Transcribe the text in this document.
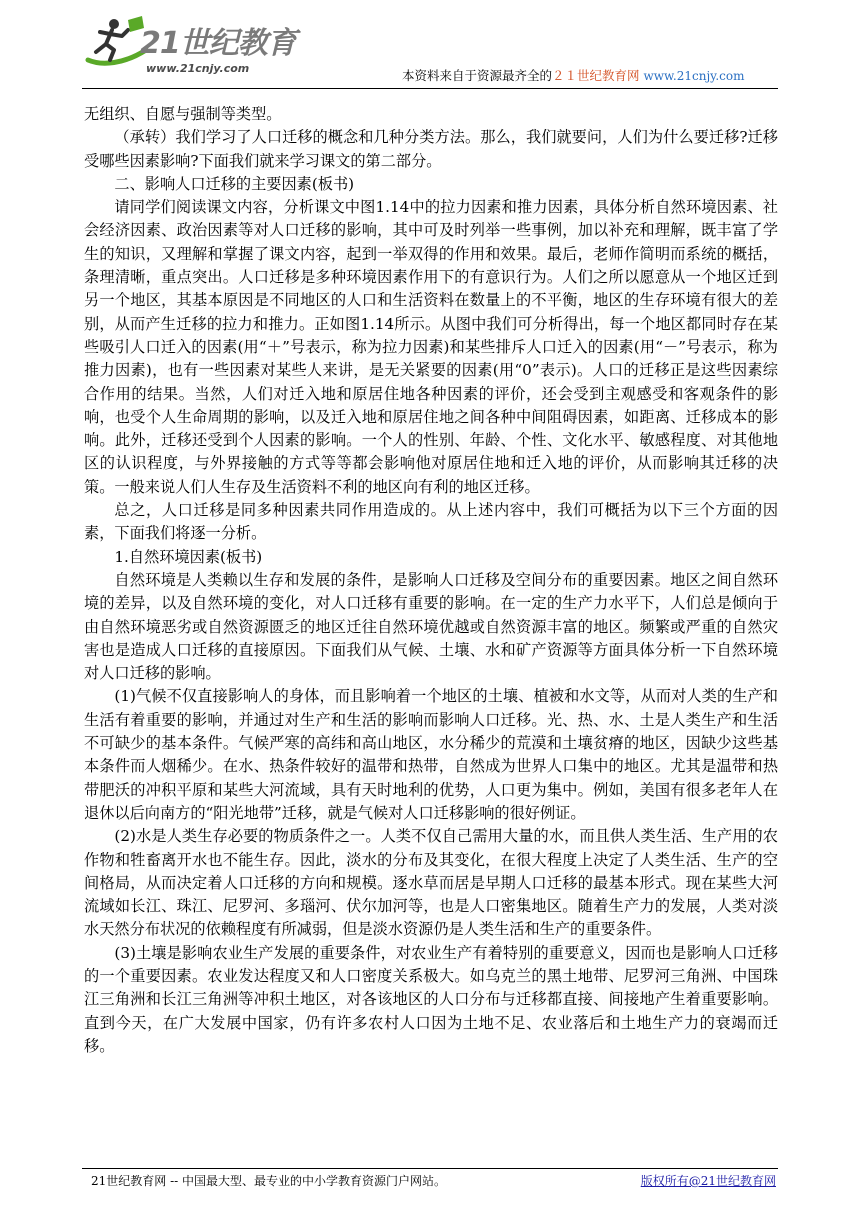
21世纪教育
www.21cnjy.com	本资料来自于资源最齐全的２１世纪教育网 www.21cnjy.com

无组织、自愿与强制等类型。

（承转）我们学习了人口迁移的概念和几种分类方法。那么，我们就要问，人们为什么要迁移?迁移受哪些因素影响?下面我们就来学习课文的第二部分。

二、影响人口迁移的主要因素(板书)

请同学们阅读课文内容，分析课文中图1.14中的拉力因素和推力因素，具体分析自然环境因素、社会经济因素、政治因素等对人口迁移的影响，其中可及时列举一些事例，加以补充和理解，既丰富了学生的知识，又理解和掌握了课文内容，起到一举双得的作用和效果。最后，老师作简明而系统的概括，条理清晰，重点突出。人口迁移是多种环境因素作用下的有意识行为。人们之所以愿意从一个地区迁到另一个地区，其基本原因是不同地区的人口和生活资料在数量上的不平衡，地区的生存环境有很大的差别，从而产生迁移的拉力和推力。正如图1.14所示。从图中我们可分析得出，每一个地区都同时存在某些吸引人口迁入的因素(用“＋”号表示，称为拉力因素)和某些排斥人口迁入的因素(用“－”号表示，称为推力因素)，也有一些因素对某些人来讲，是无关紧要的因素(用“0”表示)。人口的迁移正是这些因素综合作用的结果。当然，人们对迁入地和原居住地各种因素的评价，还会受到主观感受和客观条件的影响，也受个人生命周期的影响，以及迁入地和原居住地之间各种中间阻碍因素，如距离、迁移成本的影响。此外，迁移还受到个人因素的影响。一个人的性别、年龄、个性、文化水平、敏感程度、对其他地区的认识程度，与外界接触的方式等等都会影响他对原居住地和迁入地的评价，从而影响其迁移的决策。一般来说人们人生存及生活资料不利的地区向有利的地区迁移。

总之，人口迁移是同多种因素共同作用造成的。从上述内容中，我们可概括为以下三个方面的因素，下面我们将逐一分析。

1.自然环境因素(板书)

自然环境是人类赖以生存和发展的条件，是影响人口迁移及空间分布的重要因素。地区之间自然环境的差异，以及自然环境的变化，对人口迁移有重要的影响。在一定的生产力水平下，人们总是倾向于由自然环境恶劣或自然资源匮乏的地区迁往自然环境优越或自然资源丰富的地区。频繁或严重的自然灾害也是造成人口迁移的直接原因。下面我们从气候、土壤、水和矿产资源等方面具体分析一下自然环境对人口迁移的影响。

(1)气候不仅直接影响人的身体，而且影响着一个地区的土壤、植被和水文等，从而对人类的生产和生活有着重要的影响，并通过对生产和生活的影响而影响人口迁移。光、热、水、土是人类生产和生活不可缺少的基本条件。气候严寒的高纬和高山地区，水分稀少的荒漠和土壤贫瘠的地区，因缺少这些基本条件而人烟稀少。在水、热条件较好的温带和热带，自然成为世界人口集中的地区。尤其是温带和热带肥沃的冲积平原和某些大河流域，具有天时地利的优势，人口更为集中。例如，美国有很多老年人在退休以后向南方的“阳光地带”迁移，就是气候对人口迁移影响的很好例证。

(2)水是人类生存必要的物质条件之一。人类不仅自己需用大量的水，而且供人类生活、生产用的农作物和牲畜离开水也不能生存。因此，淡水的分布及其变化，在很大程度上决定了人类生活、生产的空间格局，从而决定着人口迁移的方向和规模。逐水草而居是早期人口迁移的最基本形式。现在某些大河流域如长江、珠江、尼罗河、多瑙河、伏尔加河等，也是人口密集地区。随着生产力的发展，人类对淡水天然分布状况的依赖程度有所减弱，但是淡水资源仍是人类生活和生产的重要条件。

(3)土壤是影响农业生产发展的重要条件，对农业生产有着特别的重要意义，因而也是影响人口迁移的一个重要因素。农业发达程度又和人口密度关系极大。如乌克兰的黑土地带、尼罗河三角洲、中国珠江三角洲和长江三角洲等冲积土地区，对各该地区的人口分布与迁移都直接、间接地产生着重要影响。直到今天，在广大发展中国家，仍有许多农村人口因为土地不足、农业落后和土地生产力的衰竭而迁移。

21世纪教育网 -- 中国最大型、最专业的中小学教育资源门户网站。	版权所有@21世纪教育网
